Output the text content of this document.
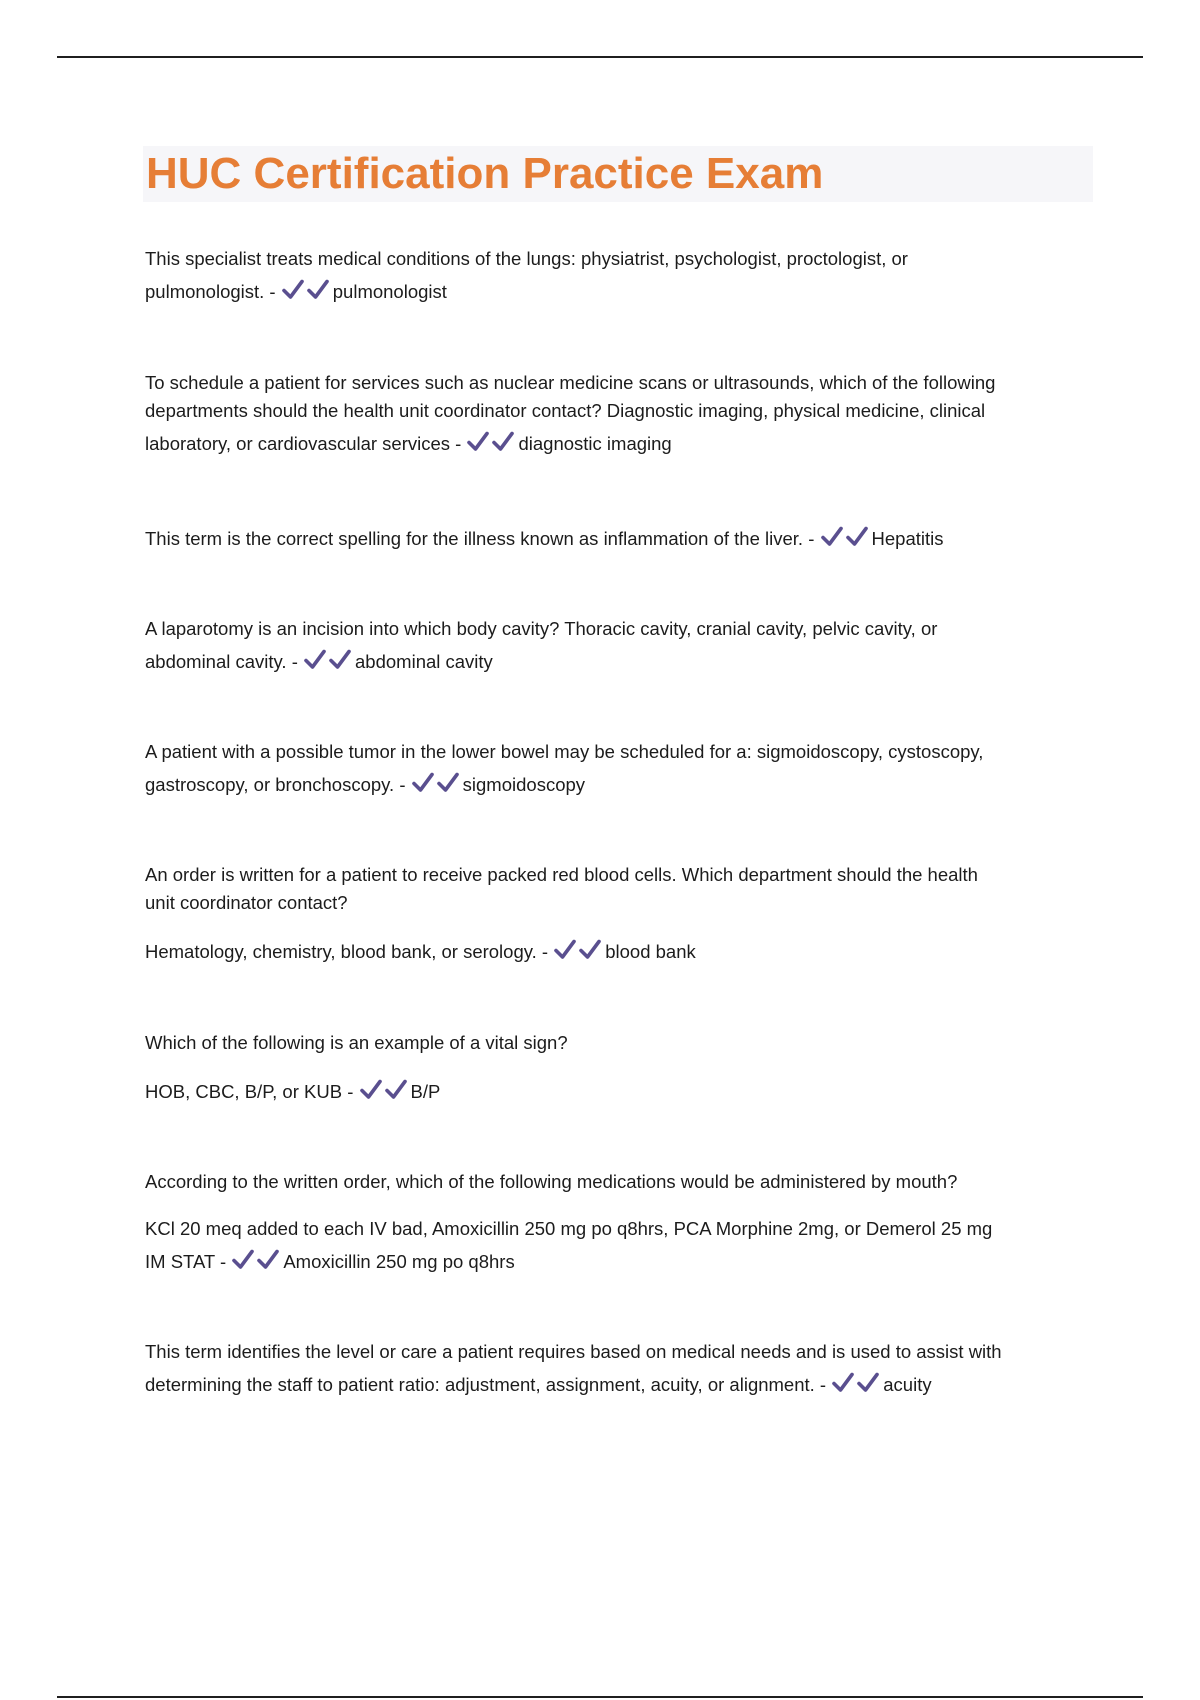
HUC Certification Practice Exam
This specialist treats medical conditions of the lungs: physiatrist, psychologist, proctologist, or
pulmonologist. -	pulmonologist
To schedule a patient for services such as nuclear medicine scans or ultrasounds, which of the following
departments should the health unit coordinator contact? Diagnostic imaging, physical medicine, clinical
laboratory, or cardiovascular services -	diagnostic imaging
This term is the correct spelling for the illness known as inflammation of the liver. -	Hepatitis
A laparotomy is an incision into which body cavity? Thoracic cavity, cranial cavity, pelvic cavity, or
abdominal cavity. -	abdominal cavity
A patient with a possible tumor in the lower bowel may be scheduled for a: sigmoidoscopy, cystoscopy,
gastroscopy, or bronchoscopy. -	sigmoidoscopy
An order is written for a patient to receive packed red blood cells. Which department should the health
unit coordinator contact?
Hematology, chemistry, blood bank, or serology. -	blood bank
Which of the following is an example of a vital sign?
HOB, CBC, B/P, or KUB -	B/P
According to the written order, which of the following medications would be administered by mouth?
KCl 20 meq added to each IV bad, Amoxicillin 250 mg po q8hrs, PCA Morphine 2mg, or Demerol 25 mg
IM STAT -	Amoxicillin 250 mg po q8hrs
This term identifies the level or care a patient requires based on medical needs and is used to assist with
determining the staff to patient ratio: adjustment, assignment, acuity, or alignment. -	acuity
